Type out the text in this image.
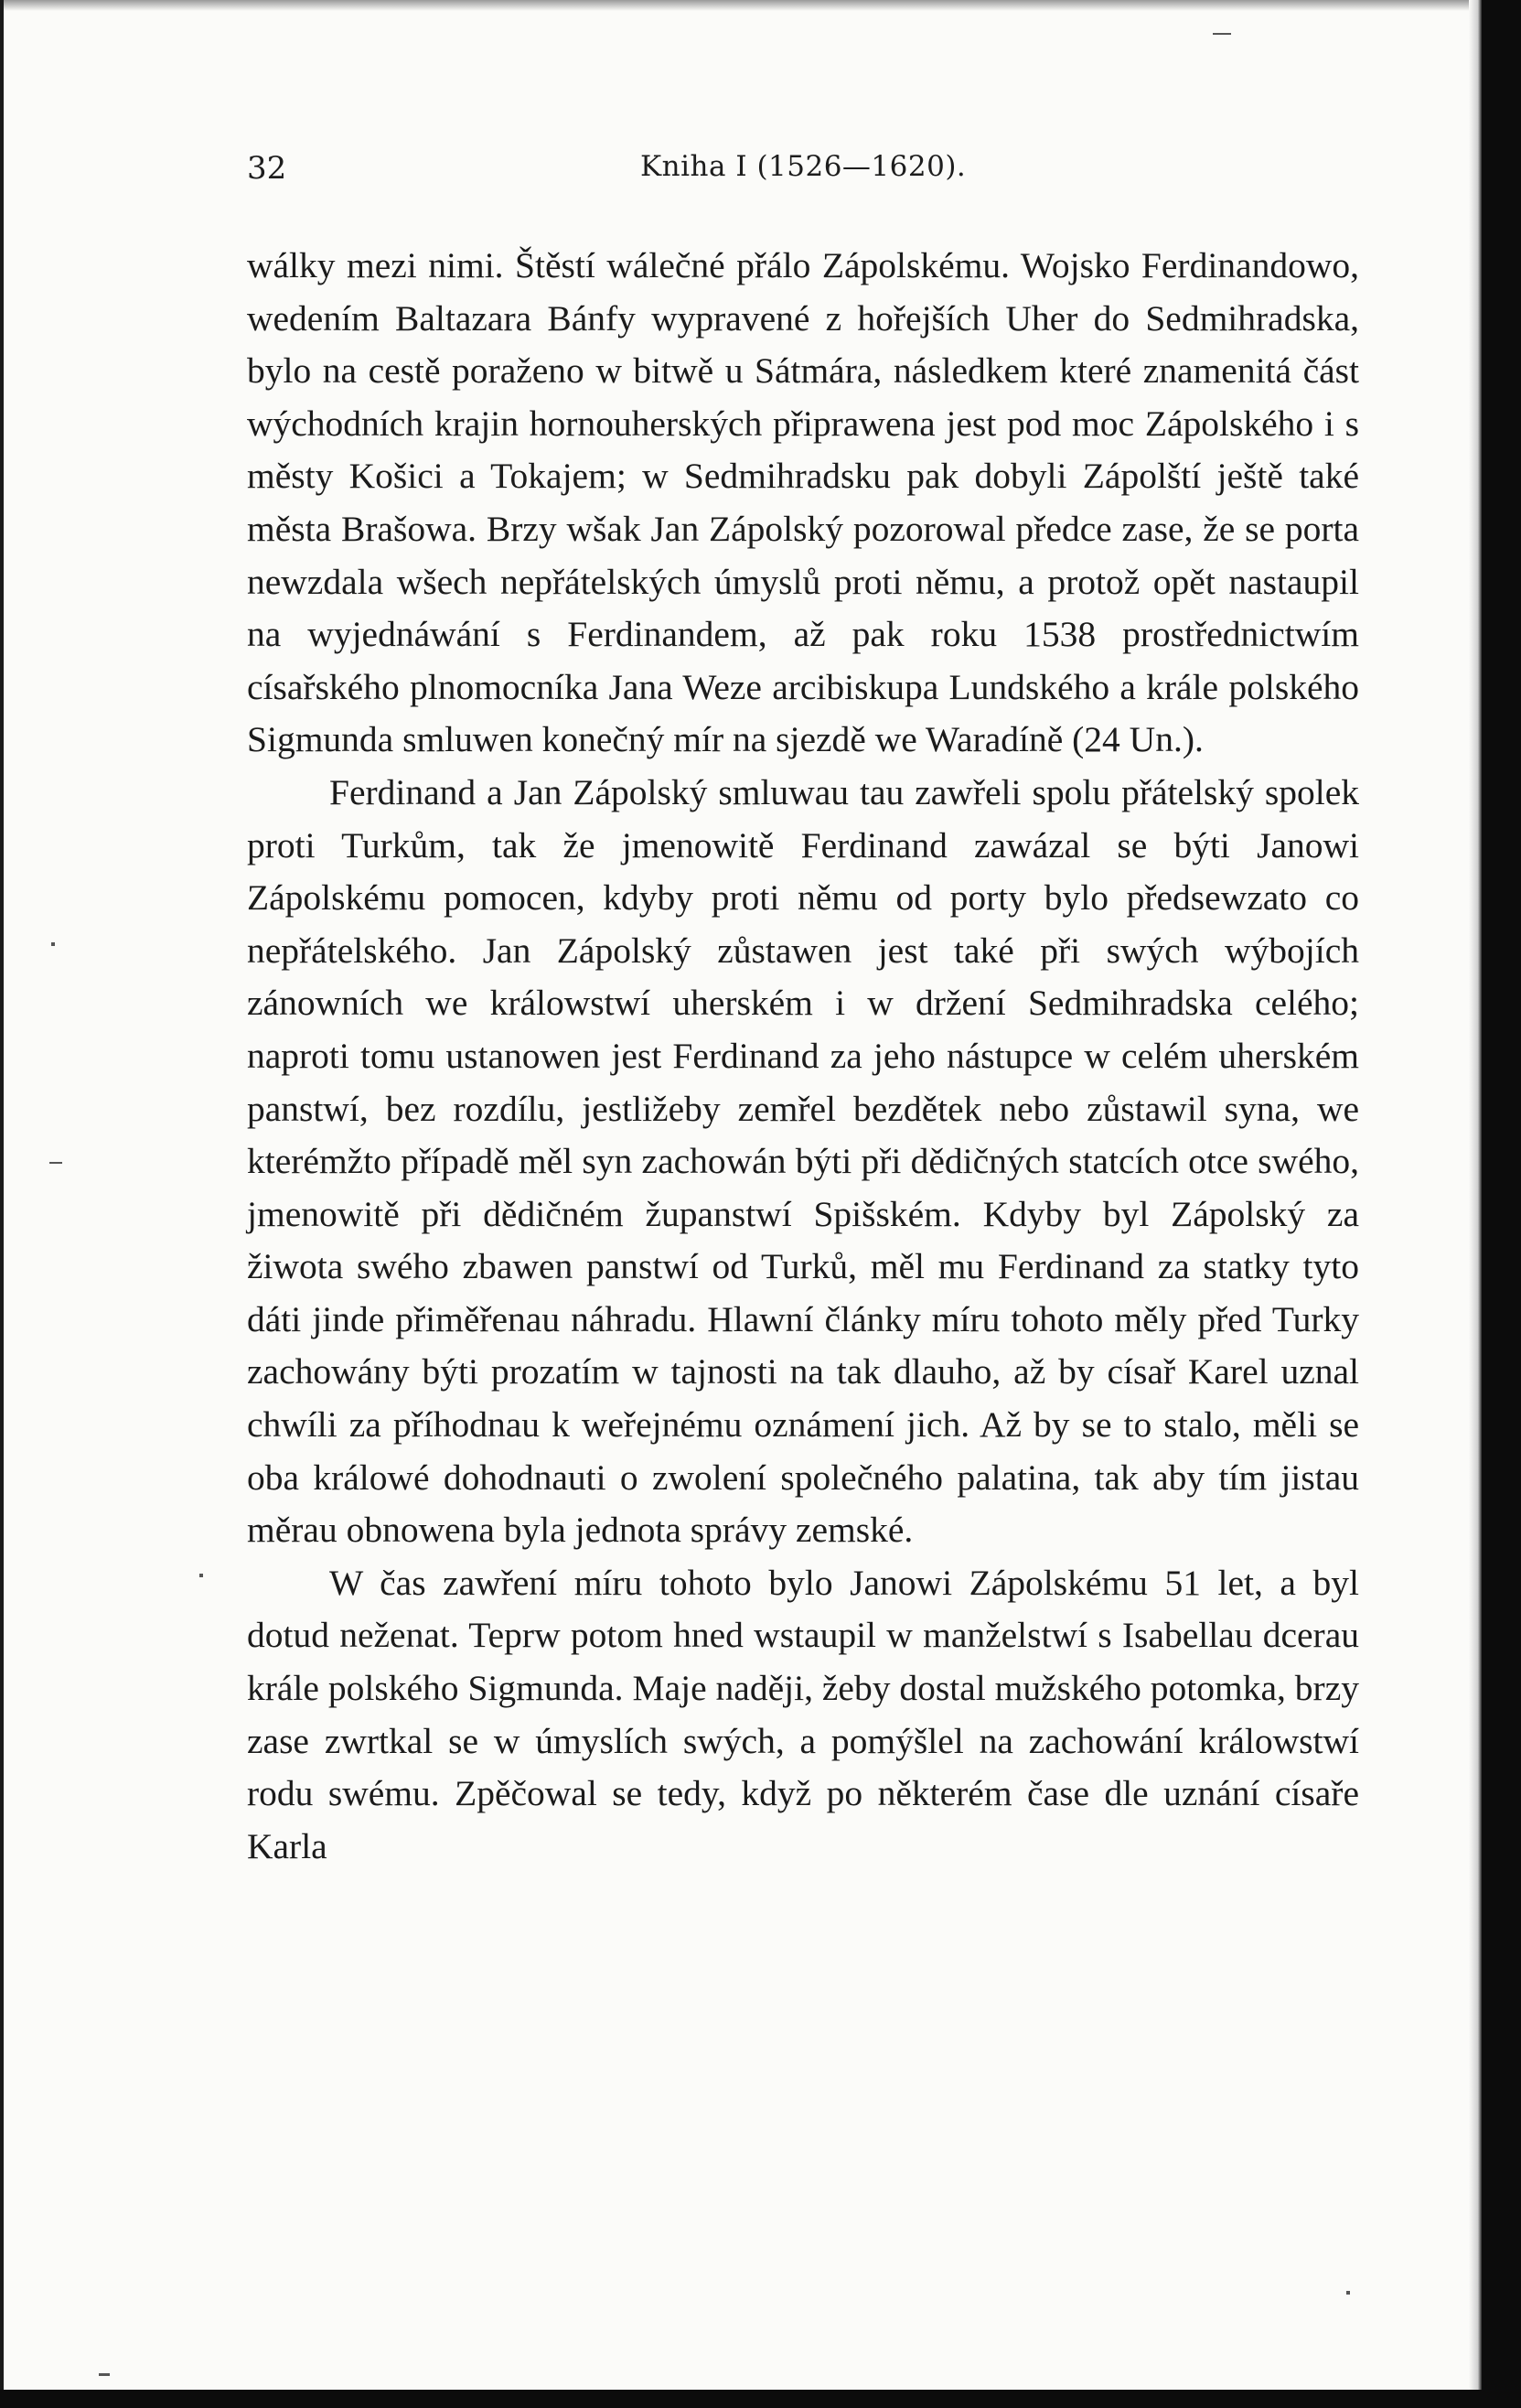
32	Kniha I (1526—1620).

wálky mezi nimi. Štěstí wálečné přálo Zápolskému. Wojsko Ferdinandowo, wedením Baltazara Bánfy wypravené z hořejších Uher do Sedmihradska, bylo na cestě poraženo w bitwě u Sátmára, následkem které znamenitá část wýchodních krajin hornouherských připrawena jest pod moc Zápolského i s městy Košici a Tokajem; w Sedmihradsku pak dobyli Zápolští ještě také města Brašowa. Brzy wšak Jan Zápolský pozorowal předce zase, že se porta newzdala wšech nepřátelských úmyslů proti němu, a protož opět nastaupil na wyjednáwání s Ferdinandem, až pak roku 1538 prostřednictwím císařského plnomocníka Jana Weze arcibiskupa Lundského a krále polského Sigmunda smluwen konečný mír na sjezdě we Waradíně (24 Un.).

Ferdinand a Jan Zápolský smluwau tau zawřeli spolu přátelský spolek proti Turkům, tak že jmenowitě Ferdinand zawázal se býti Janowi Zápolskému pomocen, kdyby proti němu od porty bylo předsewzato co nepřátelského. Jan Zápolský zůstawen jest také při swých wýbojích zánowních we králowstwí uherském i w držení Sedmihradska celého; naproti tomu ustanowen jest Ferdinand za jeho nástupce w celém uherském panstwí, bez rozdílu, jestližeby zemřel bezdětek nebo zůstawil syna, we kterémžto případě měl syn zachowán býti při dědičných statcích otce swého, jmenowitě při dědičném županstwí Spišském. Kdyby byl Zápolský za žiwota swého zbawen panstwí od Turků, měl mu Ferdinand za statky tyto dáti jinde přiměřenau náhradu. Hlawní články míru tohoto měly před Turky zachowány býti prozatím w tajnosti na tak dlauho, až by císař Karel uznal chwíli za příhodnau k weřejnému oznámení jich. Až by se to stalo, měli se oba králowé dohodnauti o zwolení společného palatina, tak aby tím jistau měrau obnowena byla jednota správy zemské.

W čas zawření míru tohoto bylo Janowi Zápolskému 51 let, a byl dotud neženat. Teprw potom hned wstaupil w manželstwí s Isabellau dcerau krále polského Sigmunda. Maje naději, žeby dostal mužského potomka, brzy zase zwrtkal se w úmyslích swých, a pomýšlel na zachowání králowstwí rodu swému. Zpěčowal se tedy, když po některém čase dle uznání císaře Karla
